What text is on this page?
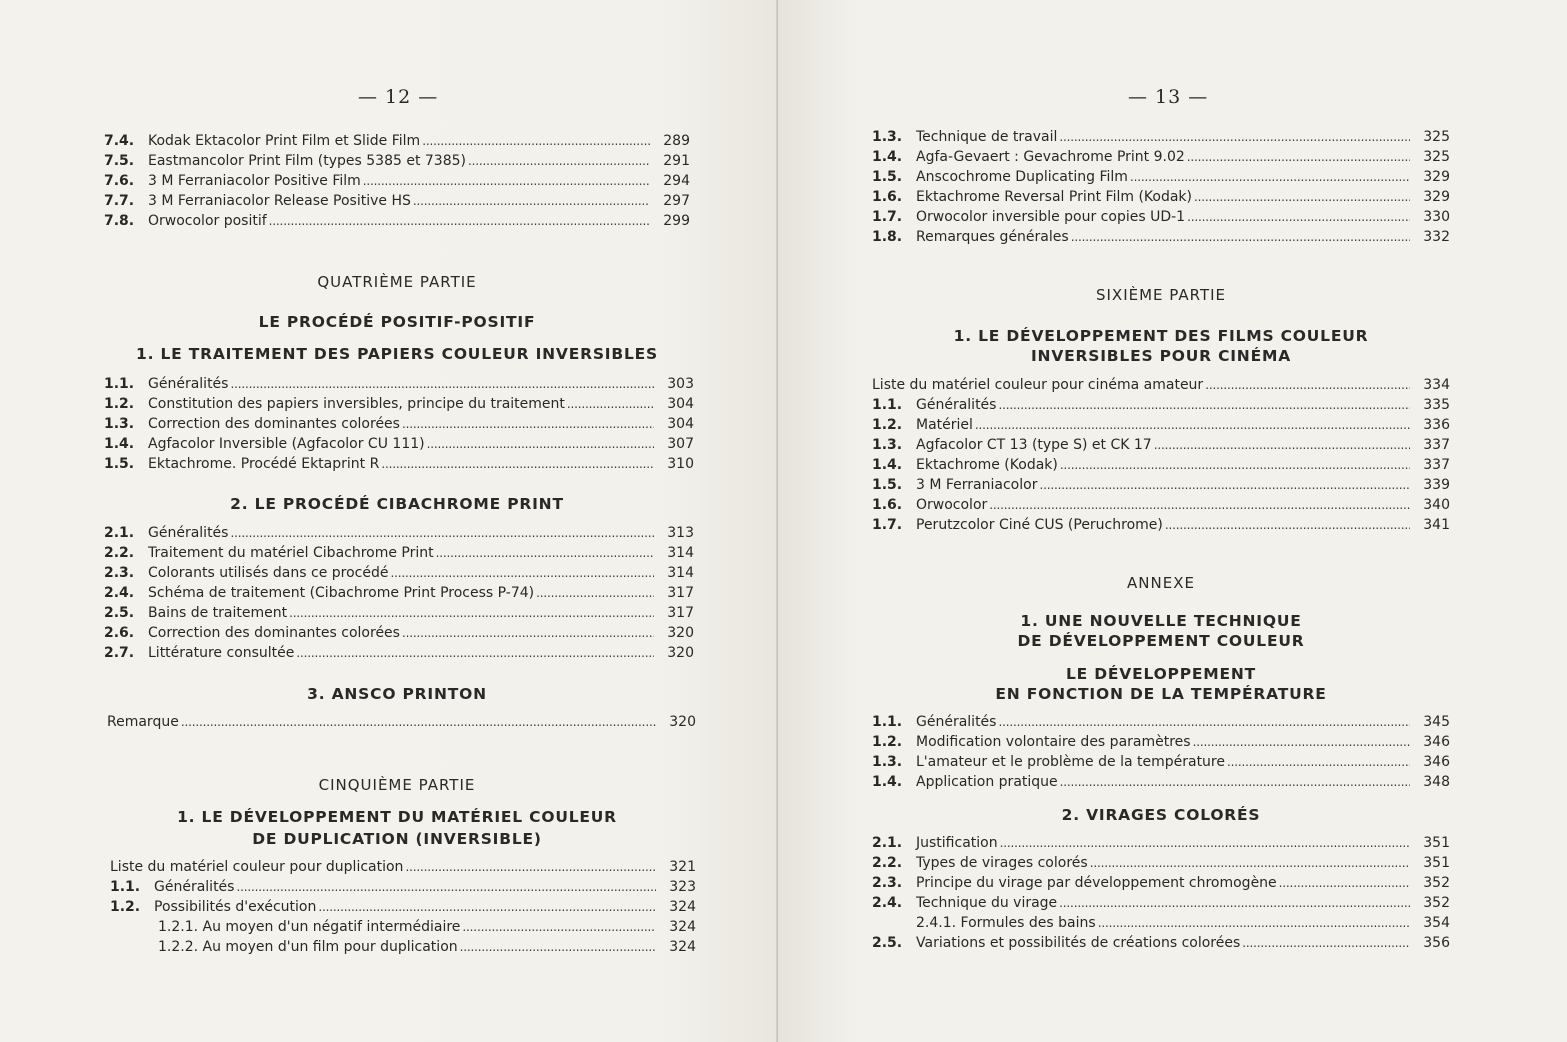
— 12 —
QUATRIÈME PARTIE
LE PROCÉDÉ POSITIF-POSITIF
1. LE TRAITEMENT DES PAPIERS COULEUR INVERSIBLES
2. LE PROCÉDÉ CIBACHROME PRINT
3. ANSCO PRINTON
CINQUIÈME PARTIE
1. LE DÉVELOPPEMENT DU MATÉRIEL COULEUR
DE DUPLICATION (INVERSIBLE)
7.4. Kodak Ektacolor Print Film et Slide Film . . .	289
7.5. Eastmancolor Print Film (types 5385 et 7385) . . .	291
7.6. 3 M Ferraniacolor Positive Film . . .	294
7.7. 3 M Ferraniacolor Release Positive HS . . .	297
7.8. Orwocolor positif . . .	299
1.1. Généralités . . .	303
1.2. Constitution des papiers inversibles, principe du traitement . . .	304
1.3. Correction des dominantes colorées . . .	304
1.4. Agfacolor Inversible (Agfacolor CU 111) . . .	307
1.5. Ektachrome. Procédé Ektaprint R . . .	310
2.1. Généralités . . .	313
2.2. Traitement du matériel Cibachrome Print . . .	314
2.3. Colorants utilisés dans ce procédé . . .	314
2.4. Schéma de traitement (Cibachrome Print Process P-74) . . .	317
2.5. Bains de traitement . . .	317
2.6. Correction des dominantes colorées . . .	320
2.7. Littérature consultée . . .	320
Remarque . . .	320
Liste du matériel couleur pour duplication . . .	321
1.1. Généralités . . .	323
1.2. Possibilités d'exécution . . .	324
1.2.1. Au moyen d'un négatif intermédiaire . . .	324
1.2.2. Au moyen d'un film pour duplication . . .	324
— 13 —
SIXIÈME PARTIE
1. LE DÉVELOPPEMENT DES FILMS COULEUR
INVERSIBLES POUR CINÉMA
ANNEXE
1. UNE NOUVELLE TECHNIQUE
DE DÉVELOPPEMENT COULEUR
LE DÉVELOPPEMENT
EN FONCTION DE LA TEMPÉRATURE
2. VIRAGES COLORÉS
1.3. Technique de travail . . .	325
1.4. Agfa-Gevaert : Gevachrome Print 9.02 . . .	325
1.5. Anscochrome Duplicating Film . . .	329
1.6. Ektachrome Reversal Print Film (Kodak) . . .	329
1.7. Orwocolor inversible pour copies UD-1 . . .	330
1.8. Remarques générales . . .	332
Liste du matériel couleur pour cinéma amateur . . .	334
1.1. Généralités . . .	335
1.2. Matériel . . .	336
1.3. Agfacolor CT 13 (type S) et CK 17 . . .	337
1.4. Ektachrome (Kodak) . . .	337
1.5. 3 M Ferraniacolor . . .	339
1.6. Orwocolor . . .	340
1.7. Perutzcolor Ciné CUS (Peruchrome) . . .	341
1.1. Généralités . . .	345
1.2. Modification volontaire des paramètres . . .	346
1.3. L'amateur et le problème de la température . . .	346
1.4. Application pratique . . .	348
2.1. Justification . . .	351
2.2. Types de virages colorés . . .	351
2.3. Principe du virage par développement chromogène . . .	352
2.4. Technique du virage . . .	352
2.4.1. Formules des bains . . .	354
2.5. Variations et possibilités de créations colorées . . .	356
